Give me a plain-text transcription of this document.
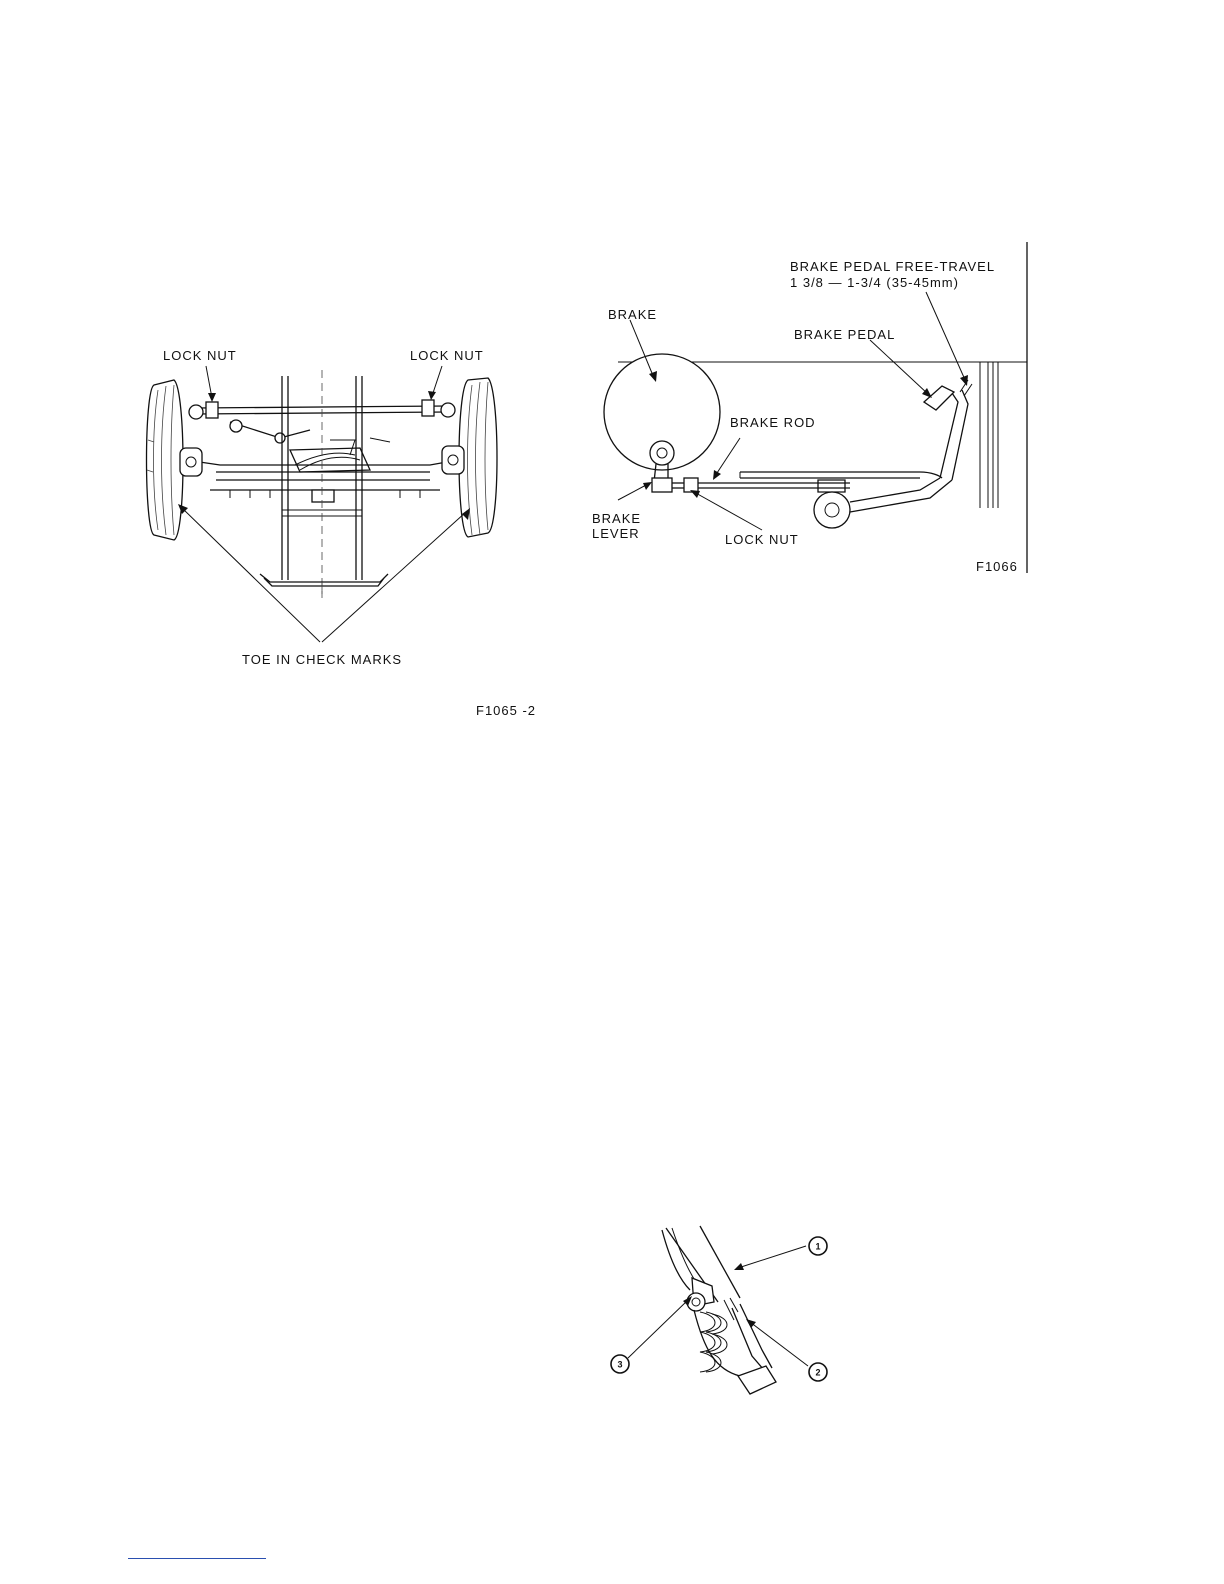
LOCK NUT	LOCK NUT
TOE IN CHECK MARKS
F1065 -2
BRAKE PEDAL FREE-TRAVEL
1 3/8 — 1-3/4 (35-45mm)
BRAKE
BRAKE PEDAL
BRAKE ROD
BRAKE
LEVER	LOCK NUT
F1066
1
2
3
